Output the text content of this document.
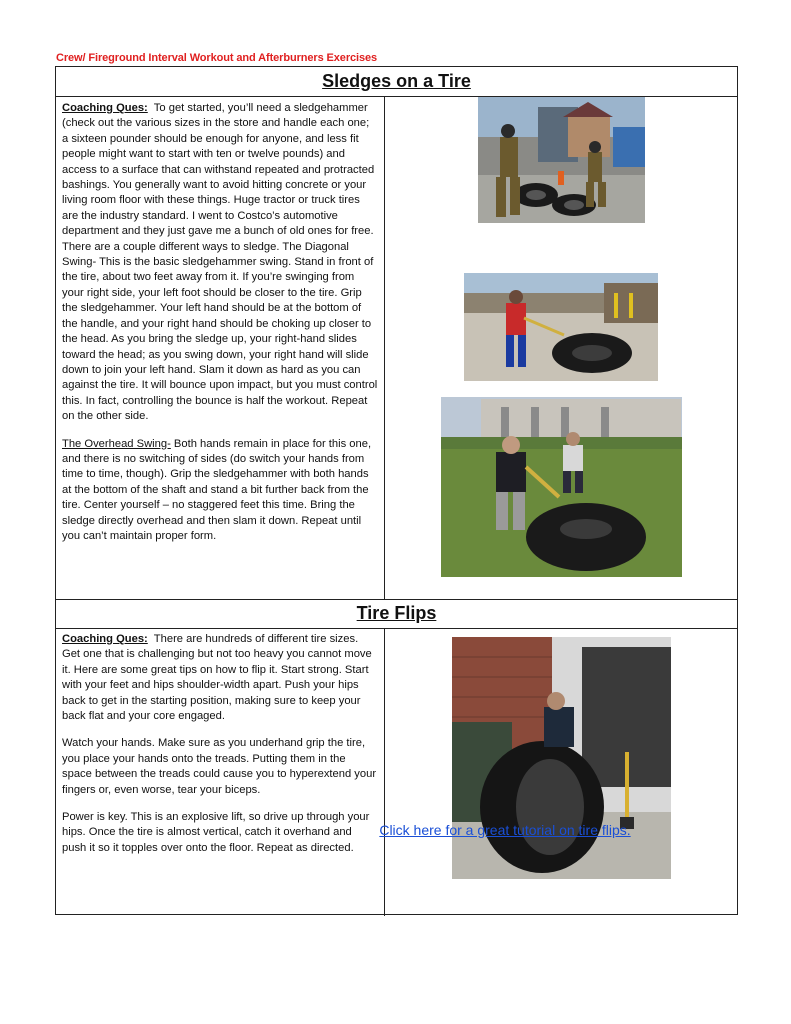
Crew/ Fireground Interval Workout and Afterburners Exercises
Sledges on a Tire

Coaching Ques: To get started, you’ll need a sledgehammer (check out the various sizes in the store and handle each one; a sixteen pounder should be enough for anyone, and less fit people might want to start with ten or twelve pounds) and access to a surface that can withstand repeated and protracted bashings. You generally want to avoid hitting concrete or your living room floor with these things. Huge tractor or truck tires are the industry standard. I went to Costco’s automotive department and they just gave me a bunch of old ones for free. There are a couple different ways to sledge. The Diagonal Swing- This is the basic sledgehammer swing. Stand in front of the tire, about two feet away from it. If you’re swinging from your right side, your left foot should be closer to the tire. Grip the sledgehammer. Your left hand should be at the bottom of the handle, and your right hand should be choking up closer to the head. As you bring the sledge up, your right-hand slides toward the head; as you swing down, your right hand will slide down to join your left hand. Slam it down as hard as you can against the tire. It will bounce upon impact, but you must control this. In fact, controlling the bounce is half the workout. Repeat on the other side.

The Overhead Swing- Both hands remain in place for this one, and there is no switching of sides (do switch your hands from time to time, though). Grip the sledgehammer with both hands at the bottom of the shaft and stand a bit further back from the tire. Center yourself – no staggered feet this time. Bring the sledge directly overhead and then slam it down. Repeat until you can’t maintain proper form.

Tire Flips

Coaching Ques: There are hundreds of different tire sizes. Get one that is challenging but not too heavy you cannot move it. Here are some great tips on how to flip it. Start strong. Start with your feet and hips shoulder-width apart. Push your hips back to get in the starting position, making sure to keep your back flat and your core engaged.

Watch your hands. Make sure as you underhand grip the tire, you place your hands onto the treads. Putting them in the space between the treads could cause you to hyperextend your fingers or, even worse, tear your biceps.

Power is key. This is an explosive lift, so drive up through your hips. Once the tire is almost vertical, catch it overhand and push it so it topples over onto the floor. Repeat as directed.

Click here for a great tutorial on tire flips.
